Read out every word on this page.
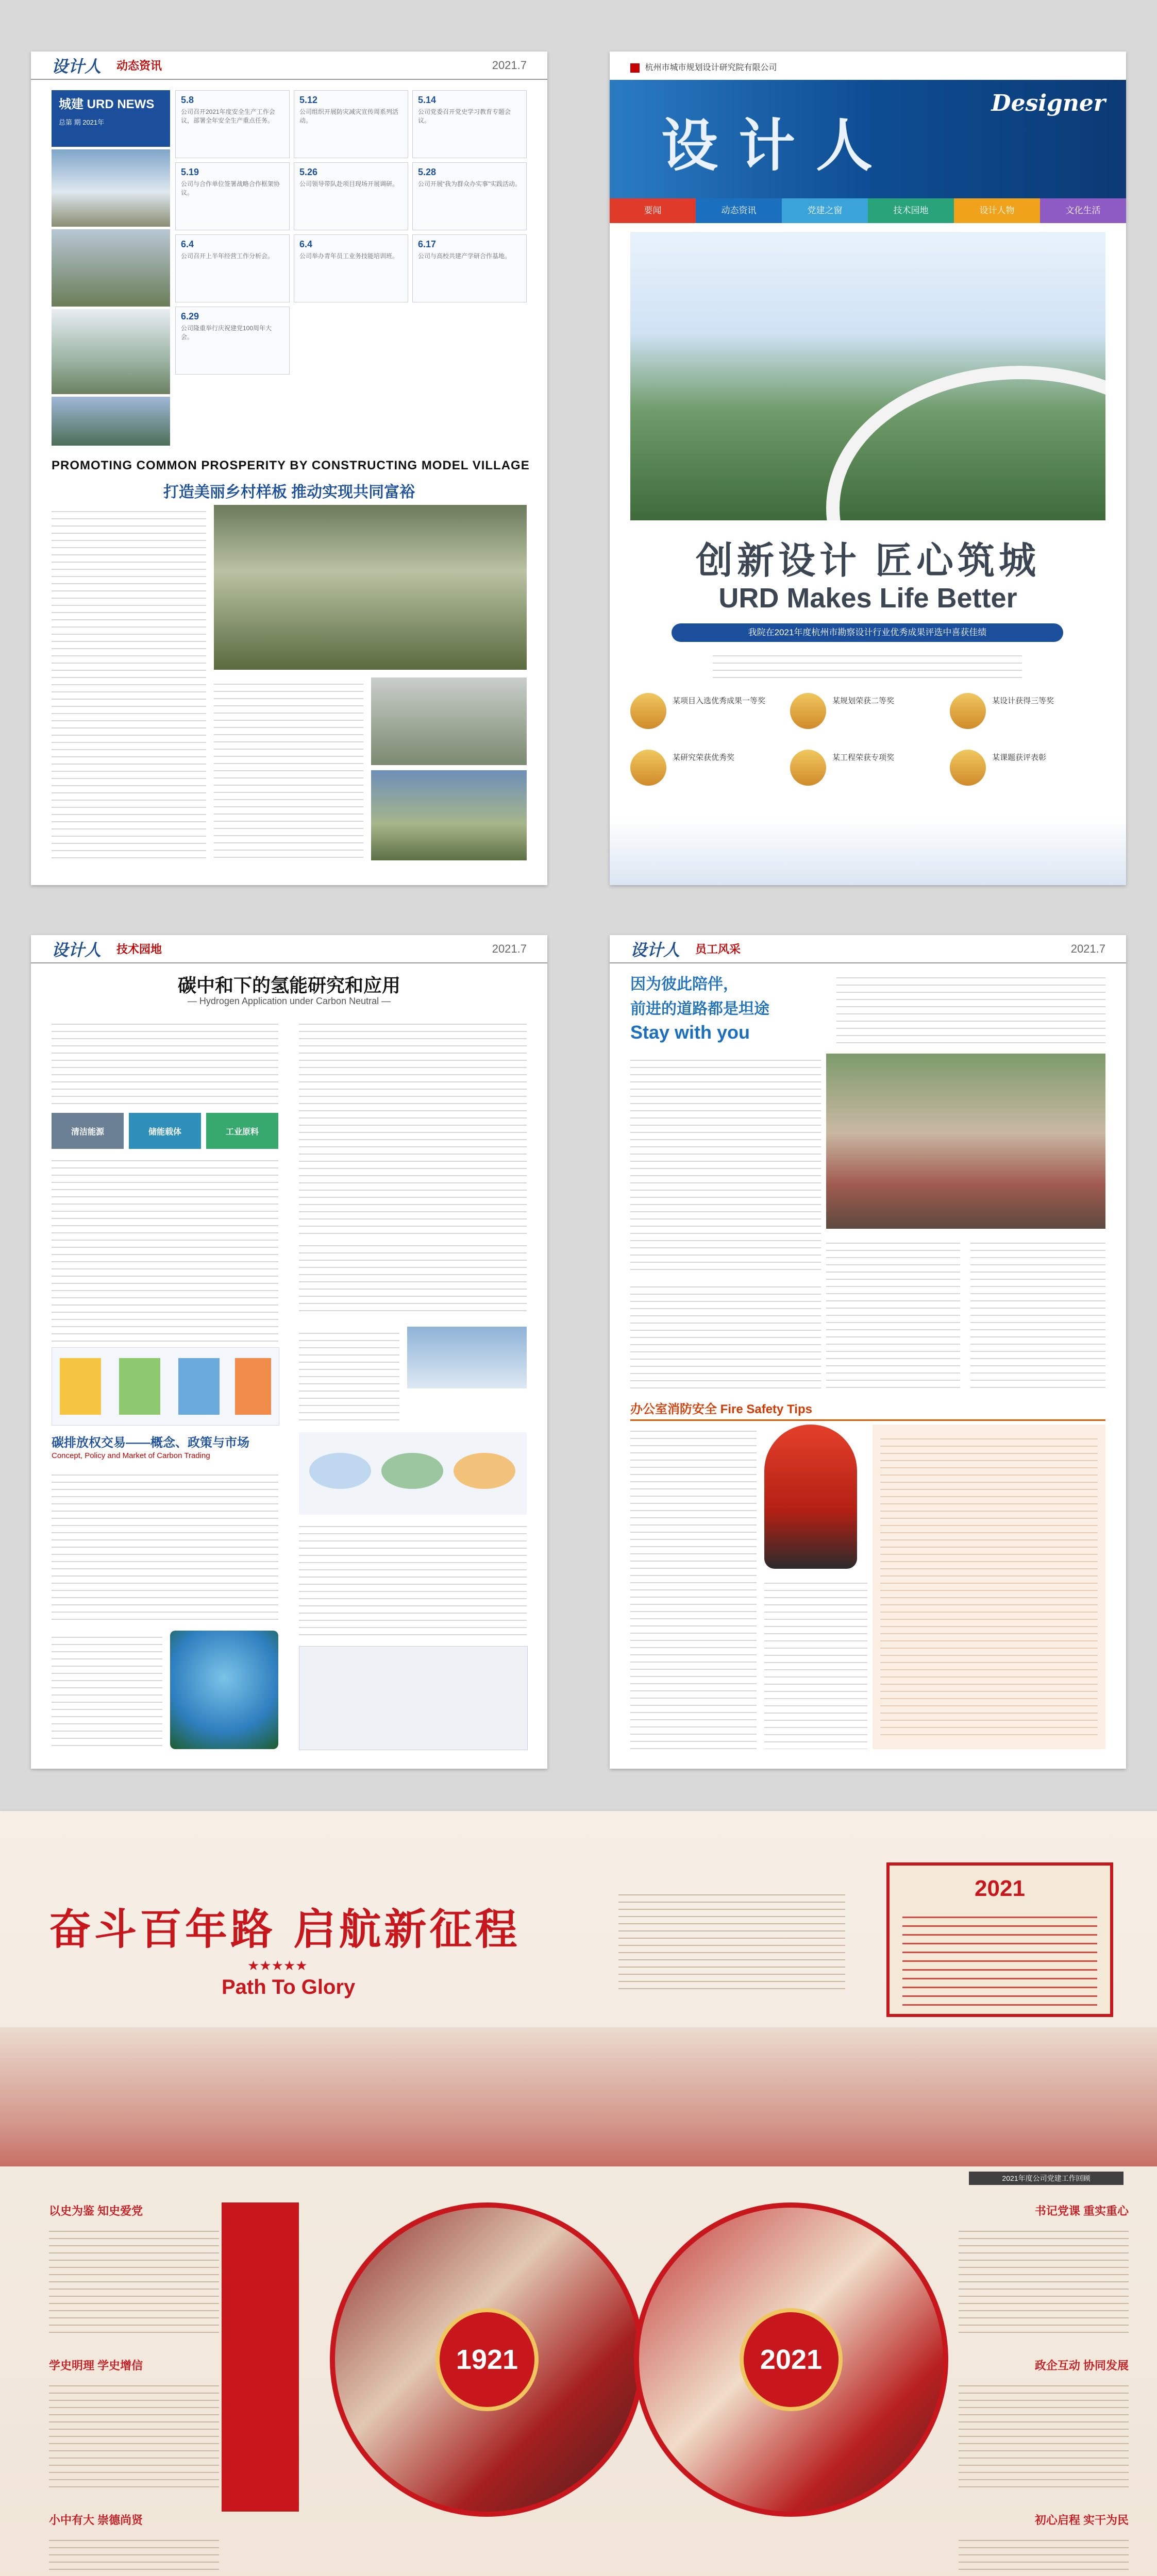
设计人 动态资讯	2021.7
城建 URD NEWS
总第 期 2021年
5.8
公司召开2021年度安全生产工作会议，部署全年安全生产重点任务。
5.12
公司组织开展防灾减灾宣传周系列活动。
5.14
公司党委召开党史学习教育专题会议。
5.19
公司与合作单位签署战略合作框架协议。
5.26
公司领导带队赴项目现场开展调研。
5.28
公司开展“我为群众办实事”实践活动。
6.4
公司召开上半年经营工作分析会。
6.4
公司举办青年员工业务技能培训班。
6.17
公司与高校共建产学研合作基地。
6.29
公司隆重举行庆祝建党100周年大会。
PROMOTING COMMON PROSPERITY BY CONSTRUCTING MODEL VILLAGE
打造美丽乡村样板 推动实现共同富裕
杭州市城市规划设计研究院有限公司
设计人
Designer
要闻	动态资讯	党建之窗	技术园地	设计人物	文化生活
创新设计 匠心筑城
URD Makes Life Better
我院在2021年度杭州市勘察设计行业优秀成果评选中喜获佳绩
某项目入选优秀成果一等奖	某规划荣获二等奖	某设计获得三等奖
某研究荣获优秀奖	某工程荣获专项奖	某课题获评表彰
设计人 技术园地	2021.7
碳中和下的氢能研究和应用
— Hydrogen Application under Carbon Neutral —
清洁能源	储能载体	工业原料
碳排放权交易——概念、政策与市场
Concept, Policy and Market of Carbon Trading
设计人 员工风采	2021.7
因为彼此陪伴，
前进的道路都是坦途
Stay with you
办公室消防安全 Fire Safety Tips
奋斗百年路 启航新征程
★★★★★
Path To Glory
2021
2021年度公司党建工作回顾
1921	2021
以史为鉴 知史爱党
学史明理 学史增信
小中有大 崇德尚贤
书记党课 重实重心
政企互动 协同发展
初心启程 实干为民
